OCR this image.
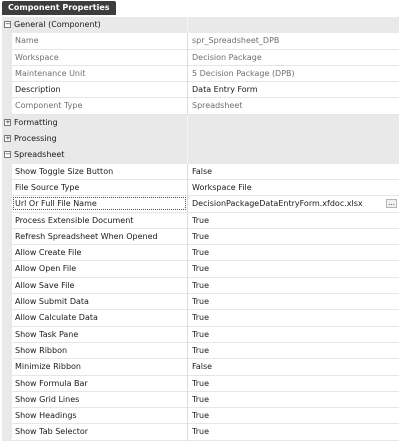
Component Properties
− General (Component)
Name	spr_Spreadsheet_DPB
Workspace	Decision Package
Maintenance Unit	5 Decision Package (DPB)
Description	Data Entry Form
Component Type	Spreadsheet
+ Formatting
+ Processing
− Spreadsheet
Show Toggle Size Button	False
File Source Type	Workspace File
Url Or Full File Name	DecisionPackageDataEntryForm.xfdoc.xlsx	...
Process Extensible Document	True
Refresh Spreadsheet When Opened	True
Allow Create File	True
Allow Open File	True
Allow Save File	True
Allow Submit Data	True
Allow Calculate Data	True
Show Task Pane	True
Show Ribbon	True
Minimize Ribbon	False
Show Formula Bar	True
Show Grid Lines	True
Show Headings	True
Show Tab Selector	True
